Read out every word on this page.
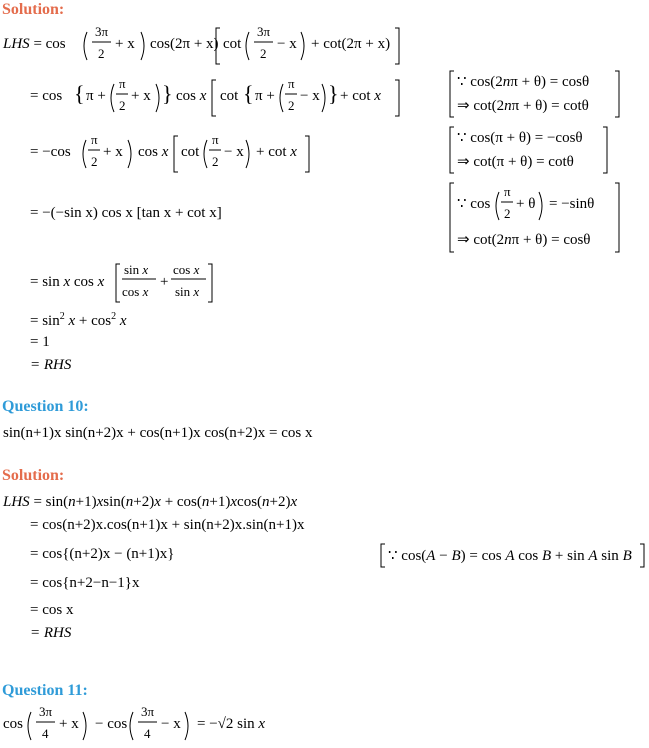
Solution:
LHS = cos
3π
2
+ x cos(2π + x) cot
3π
2
− x + cot(2π + x)
= cos { π +
π
2
+ x } cos x cot { π +
π
2
− x } + cot x
∵ cos(2nπ + θ) = cosθ
⇒ cot(2nπ + θ) = cotθ
= −cos
π
2
+ x cos x cot
π
2
− x + cot x
∵ cos(π + θ) = −cosθ
⇒ cot(π + θ) = cotθ
= −(−sin x) cos x [tan x + cot x]
∵ cos
π
2
+ θ = −sinθ
⇒ cot(2nπ + θ) = cosθ
= sin x cos x
sin x
cos x
+
cos x
sin x
= $\sin^2 x + \cos^2 x$
= 1
= RHS
Question 10:
sin(n+1)x sin(n+2)x + cos(n+1)x cos(n+2)x = cos x
Solution:
LHS = sin(n+1)xsin(n+2)x + cos(n+1)xcos(n+2)x
= cos(n+2)x.cos(n+1)x + sin(n+2)x.sin(n+1)x
= cos{(n+2)x − (n+1)x}	∵ cos(A − B) = cos A cos B + sin A sin B
= cos{n+2−n−1}x
= cos x
= RHS
Question 11:
cos
3π
4
+ x − cos
3π
4
− x = −√2 sin x
